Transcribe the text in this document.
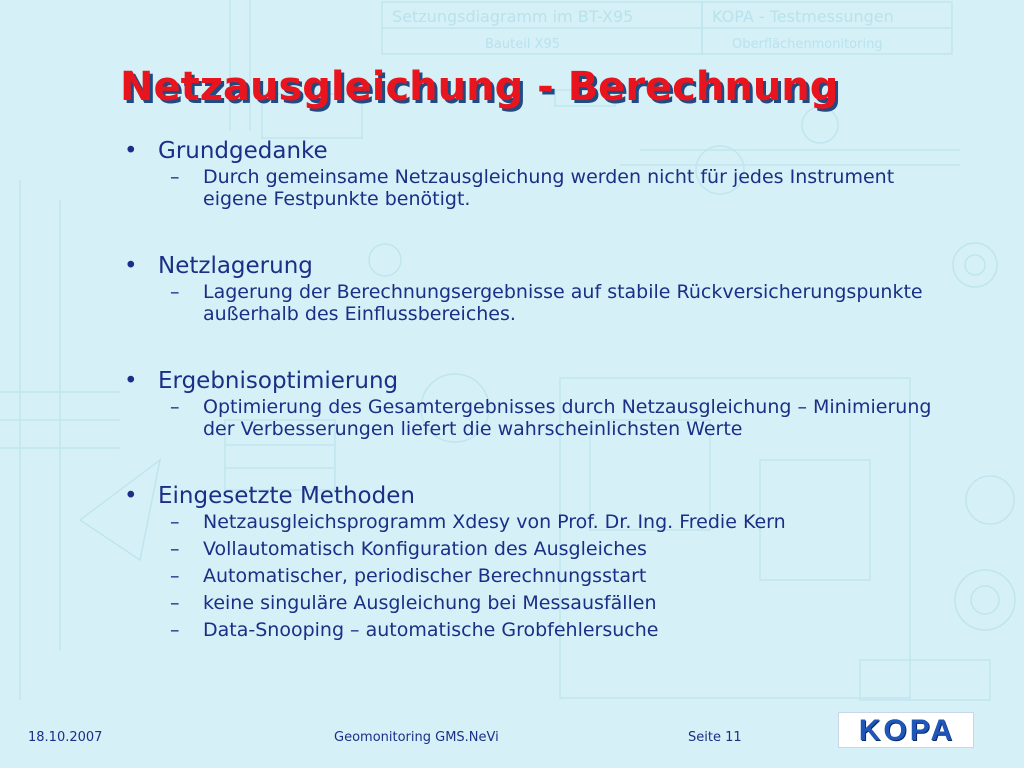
Setzungsdiagramm im BT-X95
Bauteil X95
KOPA - Testmessungen
Oberflächenmonitoring
Netzausgleichung - Berechnung
• Grundgedanke
– Durch gemeinsame Netzausgleichung werden nicht für jedes Instrument eigene Festpunkte benötigt.
• Netzlagerung
– Lagerung der Berechnungsergebnisse auf stabile Rückversicherungspunkte außerhalb des Einflussbereiches.
• Ergebnisoptimierung
– Optimierung des Gesamtergebnisses durch Netzausgleichung – Minimierung der Verbesserungen liefert die wahrscheinlichsten Werte
• Eingesetzte Methoden
– Netzausgleichsprogramm Xdesy von Prof. Dr. Ing. Fredie Kern
– Vollautomatisch Konfiguration des Ausgleiches
– Automatischer, periodischer Berechnungsstart
– keine singuläre Ausgleichung bei Messausfällen
– Data-Snooping – automatische Grobfehlersuche
18.10.2007	Geomonitoring GMS.NeVi	Seite 11	KOPA
